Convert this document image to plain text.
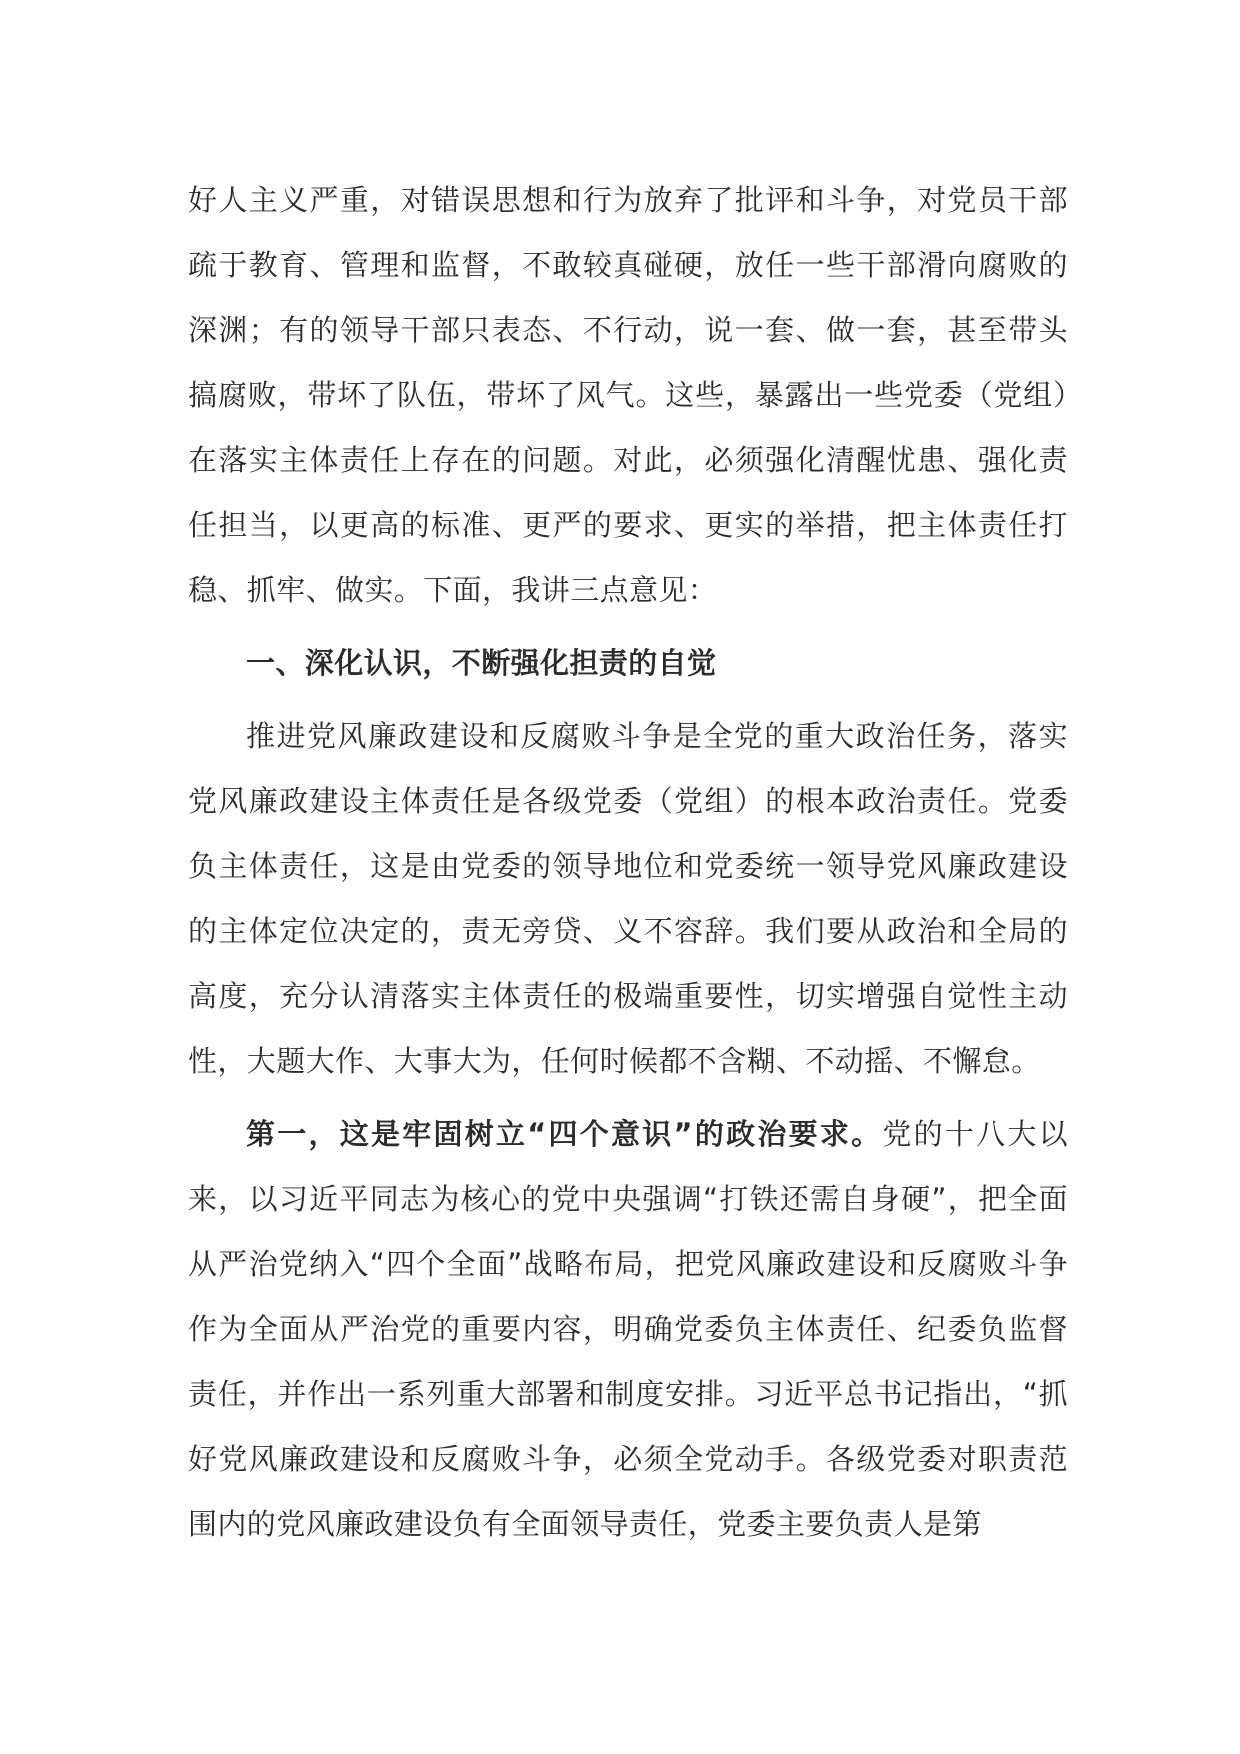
好人主义严重，对错误思想和行为放弃了批评和斗争，对党员干部疏于教育、管理和监督，不敢较真碰硬，放任一些干部滑向腐败的深渊；有的领导干部只表态、不行动，说一套、做一套，甚至带头搞腐败，带坏了队伍，带坏了风气。这些，暴露出一些党委（党组）在落实主体责任上存在的问题。对此，必须强化清醒忧患、强化责任担当，以更高的标准、更严的要求、更实的举措，把主体责任打稳、抓牢、做实。下面，我讲三点意见：

一、深化认识，不断强化担责的自觉

推进党风廉政建设和反腐败斗争是全党的重大政治任务，落实党风廉政建设主体责任是各级党委（党组）的根本政治责任。党委负主体责任，这是由党委的领导地位和党委统一领导党风廉政建设的主体定位决定的，责无旁贷、义不容辞。我们要从政治和全局的高度，充分认清落实主体责任的极端重要性，切实增强自觉性主动性，大题大作、大事大为，任何时候都不含糊、不动摇、不懈怠。

第一，这是牢固树立“四个意识”的政治要求。党的十八大以来，以习近平同志为核心的党中央强调“打铁还需自身硬”，把全面从严治党纳入“四个全面”战略布局，把党风廉政建设和反腐败斗争作为全面从严治党的重要内容，明确党委负主体责任、纪委负监督责任，并作出一系列重大部署和制度安排。习近平总书记指出，“抓好党风廉政建设和反腐败斗争，必须全党动手。各级党委对职责范围内的党风廉政建设负有全面领导责任，党委主要负责人是第
